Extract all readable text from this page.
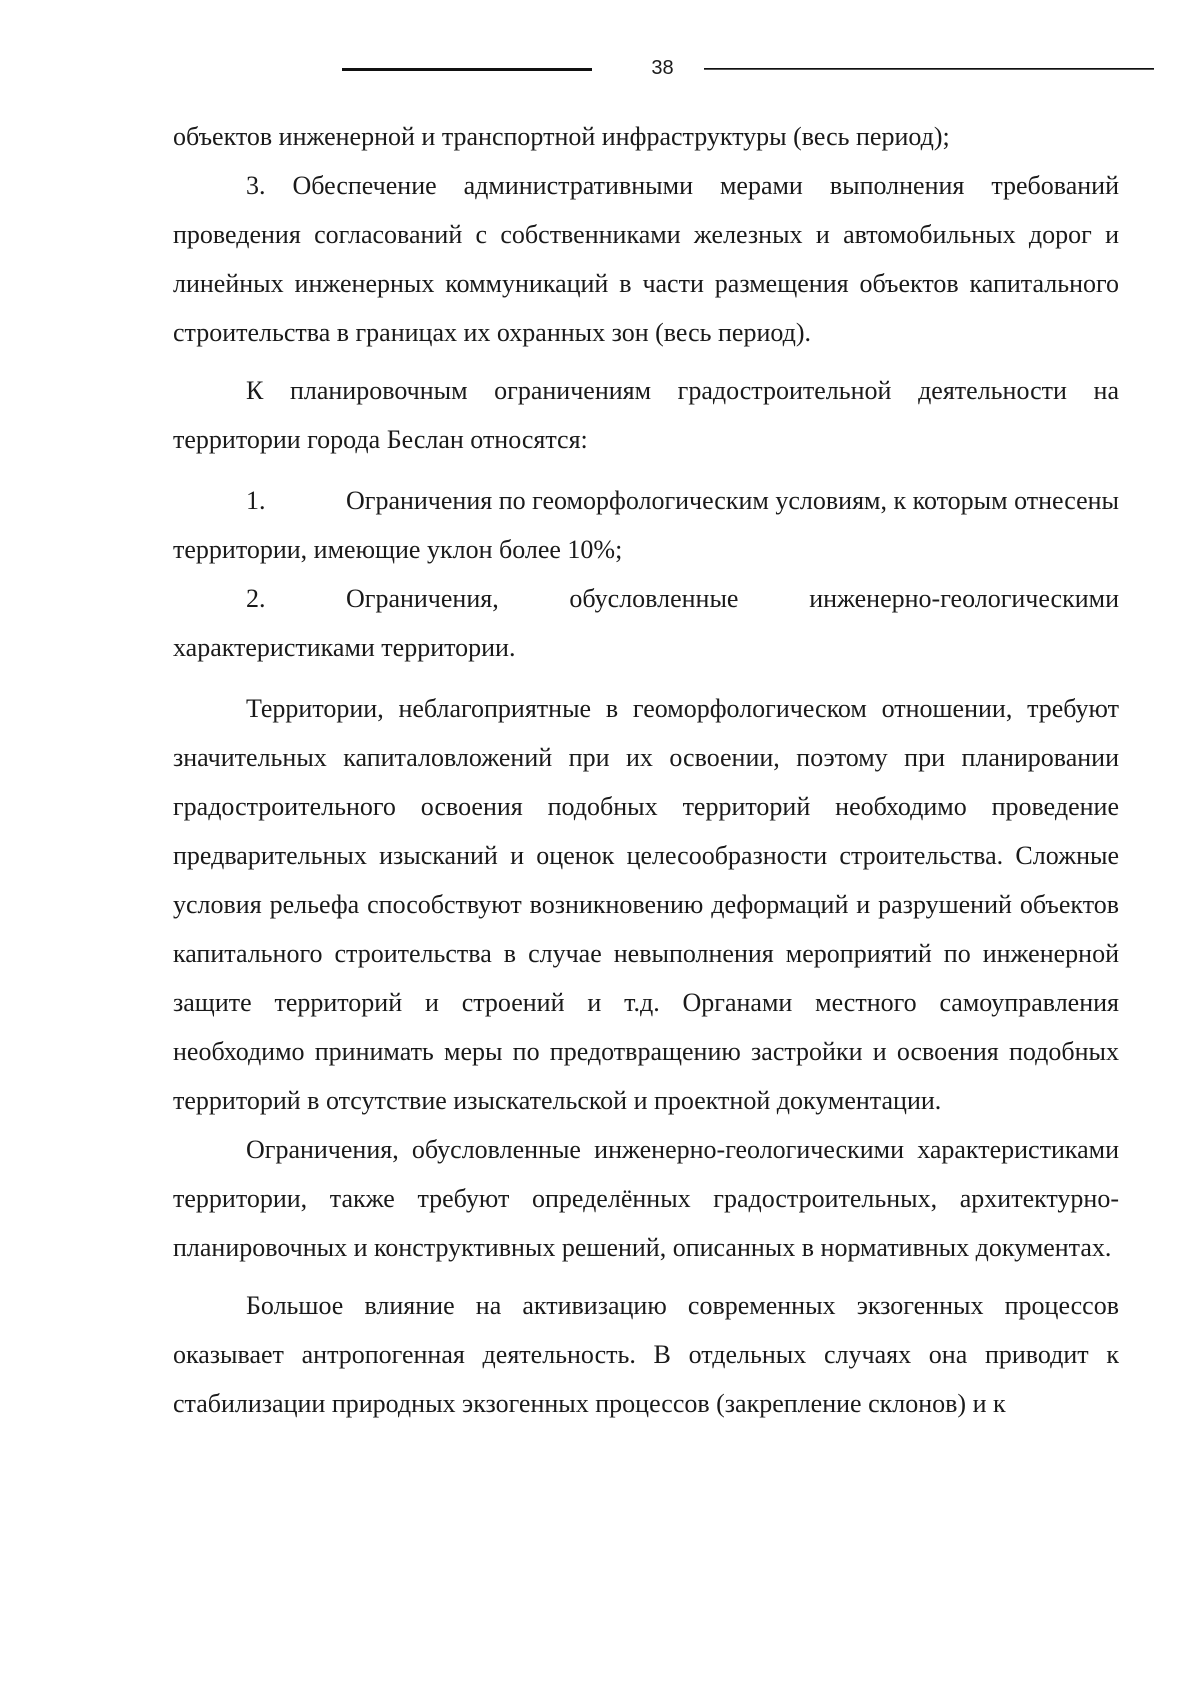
38

объектов инженерной и транспортной инфраструктуры (весь период);

3. Обеспечение административными мерами выполнения требований проведения согласований с собственниками железных и автомобильных дорог и линейных инженерных коммуникаций в части размещения объектов капитального строительства в границах их охранных зон (весь период).

К планировочным ограничениям градостроительной деятельности на территории города Беслан относятся:

1.	Ограничения по геоморфологическим условиям, к которым отнесены территории, имеющие уклон более 10%;

2.	Ограничения, обусловленные инженерно-геологическими характеристиками территории.

Территории, неблагоприятные в геоморфологическом отношении, требуют значительных капиталовложений при их освоении, поэтому при планировании градостроительного освоения подобных территорий необходимо проведение предварительных изысканий и оценок целесообразности строительства. Сложные условия рельефа способствуют возникновению деформаций и разрушений объектов капитального строительства в случае невыполнения мероприятий по инженерной защите территорий и строений и т.д. Органами местного самоуправления необходимо принимать меры по предотвращению застройки и освоения подобных территорий в отсутствие изыскательской и проектной документации.

Ограничения, обусловленные инженерно-геологическими характеристиками территории, также требуют определённых градостроительных, архитектурно-планировочных и конструктивных решений, описанных в нормативных документах.

Большое влияние на активизацию современных экзогенных процессов оказывает антропогенная деятельность. В отдельных случаях она приводит к стабилизации природных экзогенных процессов (закрепление склонов) и к
